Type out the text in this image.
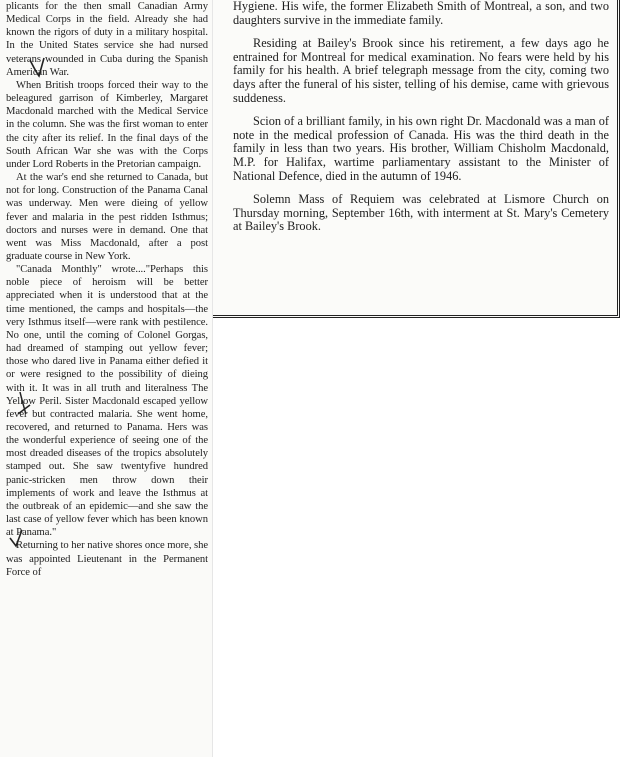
plicants for the then small Canadian Army Medical Corps in the field. Already she had known the rigors of duty in a military hospital. In the United States service she had nursed veterans wounded in Cuba during the Spanish American War.

When British troops forced their way to the beleagured garrison of Kimberley, Margaret Macdonald marched with the Medical Service in the column. She was the first woman to enter the city after its relief. In the final days of the South African War she was with the Corps under Lord Roberts in the Pretorian campaign.

At the war's end she returned to Canada, but not for long. Construction of the Panama Canal was underway. Men were dieing of yellow fever and malaria in the pest ridden Isthmus; doctors and nurses were in demand. One that went was Miss Macdonald, after a post graduate course in New York.

"Canada Monthly" wrote...."Perhaps this noble piece of heroism will be better appreciated when it is understood that at the time mentioned, the camps and hospitals—the very Isthmus itself—were rank with pestilence. No one, until the coming of Colonel Gorgas, had dreamed of stamping out yellow fever; those who dared live in Panama either defied it or were resigned to the possibility of dieing with it. It was in all truth and literalness The Yellow Peril. Sister Macdonald escaped yellow fever but contracted malaria. She went home, recovered, and returned to Panama. Hers was the wonderful experience of seeing one of the most dreaded diseases of the tropics absolutely stamped out. She saw twentyfive hundred panic-stricken men throw down their implements of work and leave the Isthmus at the outbreak of an epidemic—and she saw the last case of yellow fever which has been known at Panama."

Returning to her native shores once more, she was appointed Lieutenant in the Permanent Force of

Hygiene. His wife, the former Elizabeth Smith of Montreal, a son, and two daughters survive in the immediate family.

Residing at Bailey's Brook since his retirement, a few days ago he entrained for Montreal for medical examination. No fears were held by his family for his health. A brief telegraph message from the city, coming two days after the funeral of his sister, telling of his demise, came with grievous suddeness.

Scion of a brilliant family, in his own right Dr. Macdonald was a man of note in the medical profession of Canada. His was the third death in the family in less than two years. His brother, William Chisholm Macdonald, M.P. for Halifax, wartime parliamentary assistant to the Minister of National Defence, died in the autumn of 1946.

Solemn Mass of Requiem was celebrated at Lismore Church on Thursday morning, September 16th, with interment at St. Mary's Cemetery at Bailey's Brook.
